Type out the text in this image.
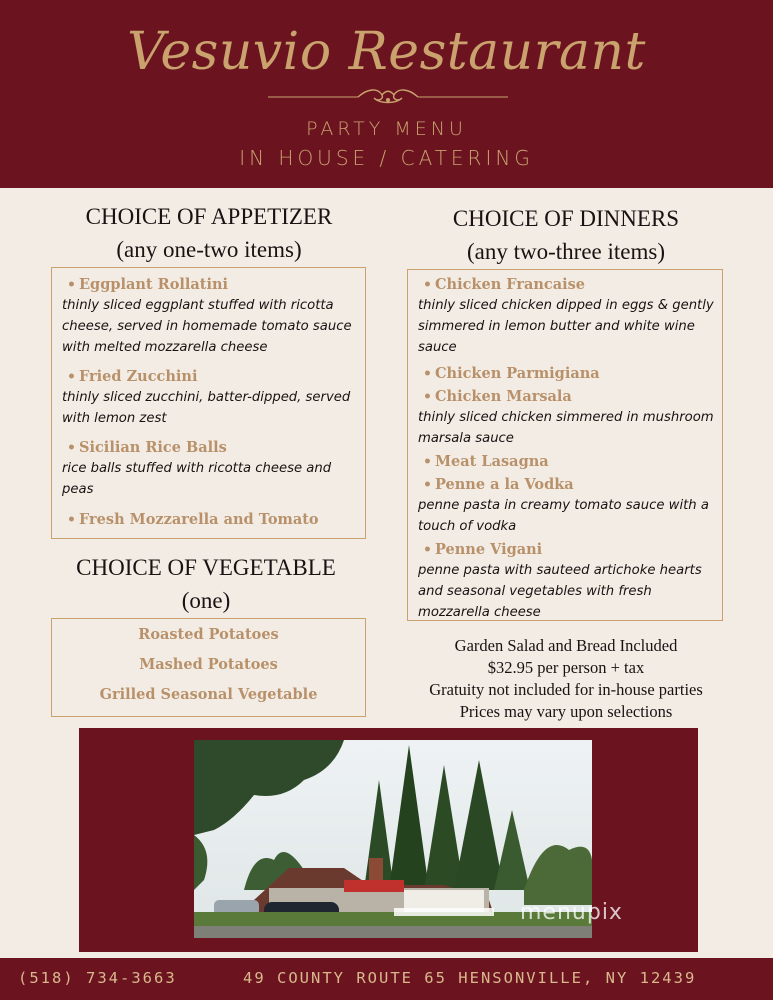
Vesuvio Restaurant
PARTY MENU
IN HOUSE / CATERING
CHOICE OF APPETIZER
(any one-two items)
• Eggplant Rollatini
thinly sliced eggplant stuffed with ricotta cheese, served in homemade tomato sauce with melted mozzarella cheese
• Fried Zucchini
thinly sliced zucchini, batter-dipped, served with lemon zest
• Sicilian Rice Balls
rice balls stuffed with ricotta cheese and peas
• Fresh Mozzarella and Tomato
CHOICE OF VEGETABLE
(one)
Roasted Potatoes
Mashed Potatoes
Grilled Seasonal Vegetable
CHOICE OF DINNERS
(any two-three items)
• Chicken Francaise
thinly sliced chicken dipped in eggs & gently simmered in lemon butter and white wine sauce
• Chicken Parmigiana
• Chicken Marsala
thinly sliced chicken simmered in mushroom marsala sauce
• Meat Lasagna
• Penne a la Vodka
penne pasta in creamy tomato sauce with a touch of vodka
• Penne Vigani
penne pasta with sauteed artichoke hearts and seasonal vegetables with fresh mozzarella cheese
Garden Salad and Bread Included
$32.95 per person + tax
Gratuity not included for in-house parties
Prices may vary upon selections
menupix
(518) 734-3663	49 COUNTY ROUTE 65 HENSONVILLE, NY 12439
